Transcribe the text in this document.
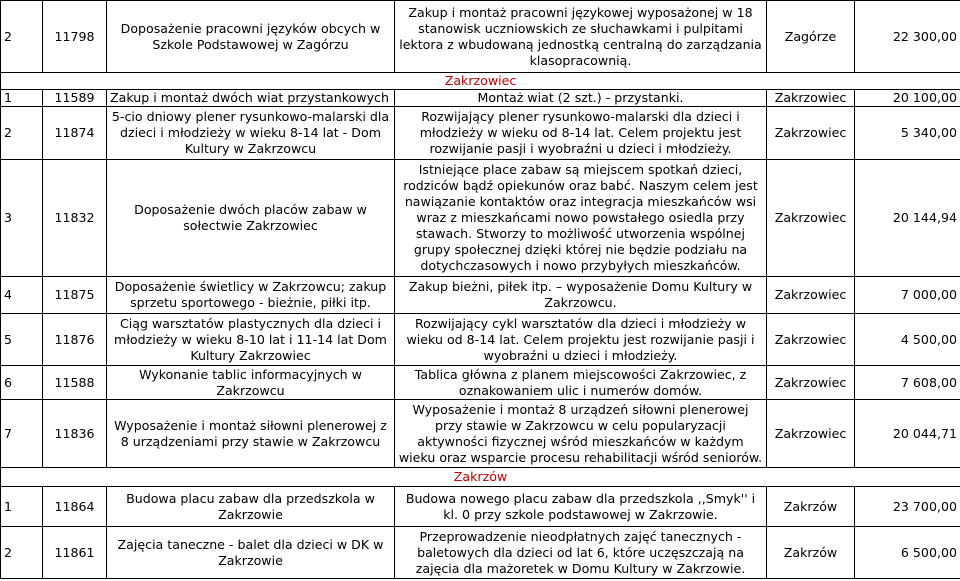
2	11798	Doposażenie pracowni języków obcych w Szkole Podstawowej w Zagórzu	Zakup i montaż pracowni językowej wyposażonej w 18 stanowisk uczniowskich ze słuchawkami i pulpitami lektora z wbudowaną jednostką centralną do zarządzania klasopracownią.	Zagórze	22 300,00
Zakrzowiec					
1	11589	Zakup i montaż dwóch wiat przystankowych	Montaż wiat (2 szt.) - przystanki.	Zakrzowiec	20 100,00
2	11874	5-cio dniowy plener rysunkowo-malarski dla dzieci i młodzieży w wieku 8-14 lat - Dom Kultury w Zakrzowcu	Rozwijający plener rysunkowo-malarski dla dzieci i młodzieży w wieku od 8-14 lat. Celem projektu jest rozwijanie pasji i wyobraźni u dzieci i młodzieży.	Zakrzowiec	5 340,00
3	11832	Doposażenie dwóch placów zabaw w sołectwie Zakrzowiec	Istniejące place zabaw są miejscem spotkań dzieci, rodziców bądź opiekunów oraz babć. Naszym celem jest nawiązanie kontaktów oraz integracja mieszkańców wsi wraz z mieszkańcami nowo powstałego osiedla przy stawach. Stworzy to możliwość utworzenia wspólnej grupy społecznej dzięki której nie będzie podziału na dotychczasowych i nowo przybyłych mieszkańców.	Zakrzowiec	20 144,94
4	11875	Doposażenie świetlicy w Zakrzowcu; zakup sprzetu sportowego - bieżnie, piłki itp.	Zakup bieżni, piłek itp. – wyposażenie Domu Kultury w Zakrzowcu.	Zakrzowiec	7 000,00
5	11876	Ciąg warsztatów plastycznych dla dzieci i młodzieży w wieku 8-10 lat i 11-14 lat Dom Kultury Zakrzowiec	Rozwijający cykl warsztatów dla dzieci i młodzieży w wieku od 8-14 lat. Celem projektu jest rozwijanie pasji i wyobraźni u dzieci i młodzieży.	Zakrzowiec	4 500,00
6	11588	Wykonanie tablic informacyjnych w Zakrzowcu	Tablica główna z planem miejscowości Zakrzowiec, z oznakowaniem ulic i numerów domów.	Zakrzowiec	7 608,00
7	11836	Wyposażenie i montaż siłowni plenerowej z 8 urządzeniami przy stawie w Zakrzowcu	Wyposażenie i montaż 8 urządzeń siłowni plenerowej przy stawie w Zakrzowcu w celu popularyzacji aktywności fizycznej wśród mieszkańców w każdym wieku oraz wsparcie procesu rehabilitacji wśród seniorów.	Zakrzowiec	20 044,71
Zakrzów					
1	11864	Budowa placu zabaw dla przedszkola w Zakrzowie	Budowa nowego placu zabaw dla przedszkola ,,Smyk'' i kl. 0 przy szkole podstawowej w Zakrzowie.	Zakrzów	23 700,00
2	11861	Zajęcia taneczne - balet dla dzieci w DK w Zakrzowie	Przeprowadzenie nieodpłatnych zajęć tanecznych - baletowych dla dzieci od lat 6, które uczęszczają na zajęcia dla mażoretek w Domu Kultury w Zakrzowie.	Zakrzów	6 500,00
